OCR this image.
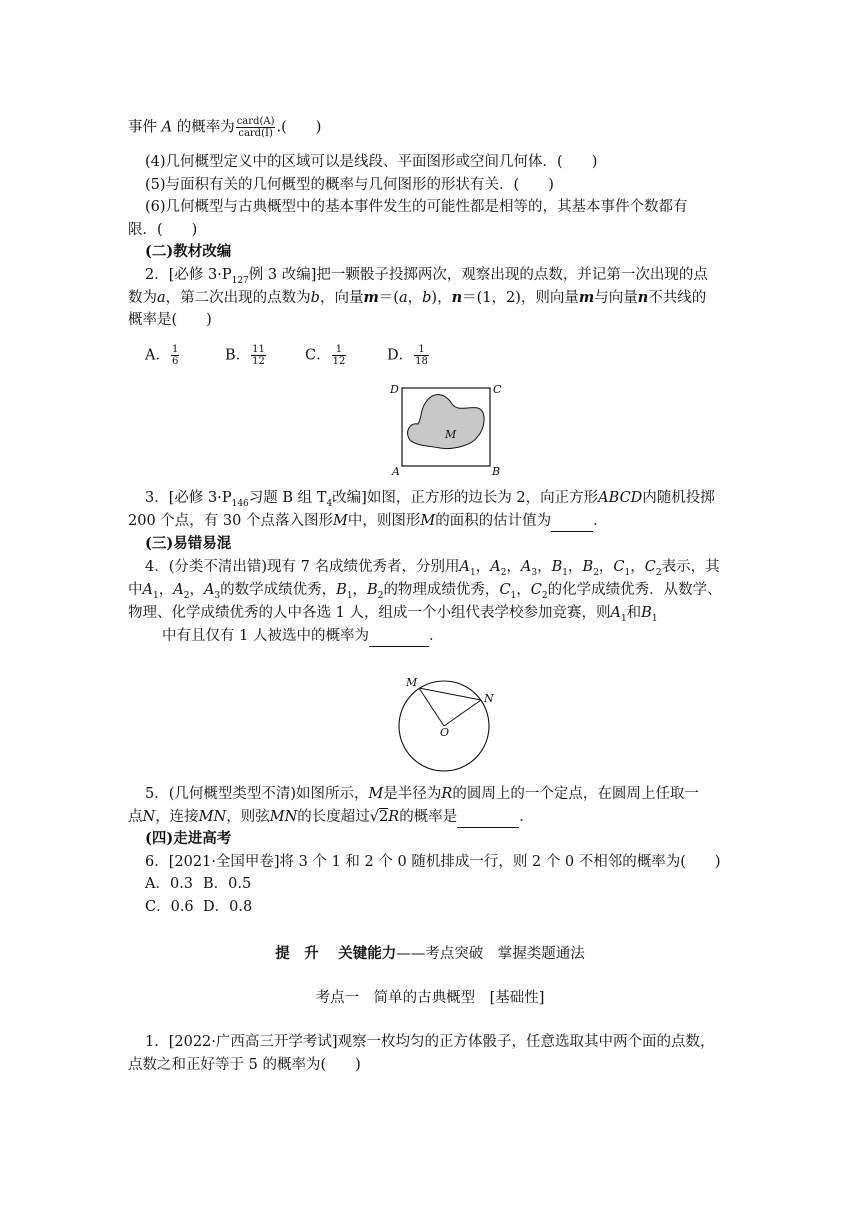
事件 A 的概率为 $\frac{\text{card(A)}}{\text{card(I)}}$ .(　　)
(4)几何概型定义中的区域可以是线段、平面图形或空间几何体．(　　)
(5)与面积有关的几何概型的概率与几何图形的形状有关．(　　)
(6)几何概型与古典概型中的基本事件发生的可能性都是相等的，其基本事件个数都有
限．(　　)
(二)教材改编
2．[必修 $3\cdot P_{127}$例 3 改编]把一颗骰子投掷两次，观察出现的点数，并记第一次出现的点
数为a，第二次出现的点数为b，向量m＝(a，b)，n＝(1，2)，则向量m与向量n不共线的
概率是(　　)
A． $\frac{1}{6}$	B． $\frac{11}{12}$	C． $\frac{1}{12}$	D． $\frac{1}{18}$
D	C
A	B
M
3．[必修 $3\cdot P_{146}$习题 B 组 $T_4$改编]如图，正方形的边长为 2，向正方形ABCD内随机投掷
200 个点，有 30 个点落入图形M中，则图形M的面积的估计值为	．
(三)易错易混
4．(分类不清出错)现有 7 名成绩优秀者，分别用$A_1$，$A_2$，$A_3$，$B_1$，$B_2$，$C_1$，$C_2$表示，其
中$A_1$，$A_2$，$A_3$的数学成绩优秀，$B_1$，$B_2$的物理成绩优秀，$C_1$，$C_2$的化学成绩优秀．从数学、
物理、化学成绩优秀的人中各选 1 人，组成一个小组代表学校参加竞赛，则$A_1$和$B_1$
中有且仅有 1 人被选中的概率为	．
M
N
O
5．(几何概型类型不清)如图所示，M是半径为R的圆周上的一个定点，在圆周上任取一
点N，连接MN，则弦MN的长度超过√2R的概率是	．
(四)走进高考
6．[2021·全国甲卷]将 3 个 1 和 2 个 0 随机排成一行，则 2 个 0 不相邻的概率为(　　)
A．0.3 B．0.5
C．0.6 D．0.8
提　升　 关键能力——考点突破　掌握类题通法
考点一　简单的古典概型　[基础性]
1．[2022·广西高三开学考试]观察一枚均匀的正方体骰子，任意选取其中两个面的点数，
点数之和正好等于 5 的概率为(　　)
